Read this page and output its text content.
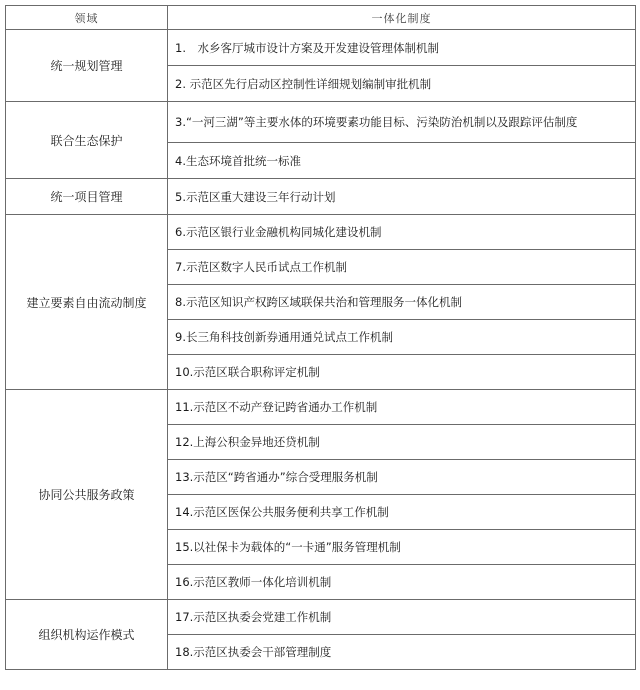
领域	一体化制度
统一规划管理	1.　水乡客厅城市设计方案及开发建设管理体制机制
	2. 示范区先行启动区控制性详细规划编制审批机制
联合生态保护	3.“一河三湖”等主要水体的环境要素功能目标、污染防治机制以及跟踪评估制度
	4.生态环境首批统一标准
统一项目管理	5.示范区重大建设三年行动计划
建立要素自由流动制度	6.示范区银行业金融机构同城化建设机制
	7.示范区数字人民币试点工作机制
	8.示范区知识产权跨区域联保共治和管理服务一体化机制
	9.长三角科技创新券通用通兑试点工作机制
	10.示范区联合职称评定机制
协同公共服务政策	11.示范区不动产登记跨省通办工作机制
	12.上海公积金异地还贷机制
	13.示范区“跨省通办”综合受理服务机制
	14.示范区医保公共服务便利共享工作机制
	15.以社保卡为载体的“一卡通”服务管理机制
	16.示范区教师一体化培训机制
组织机构运作模式	17.示范区执委会党建工作机制
	18.示范区执委会干部管理制度
